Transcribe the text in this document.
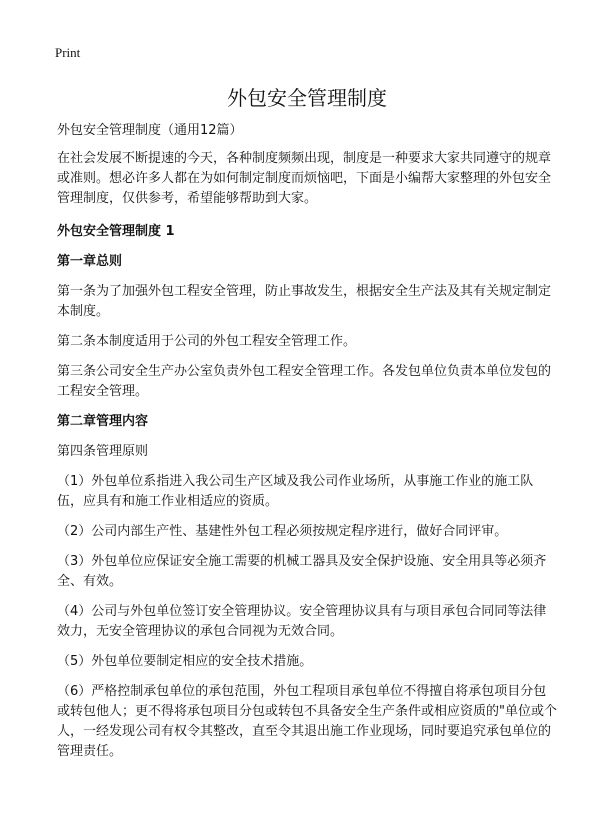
Print
外包安全管理制度

外包安全管理制度（通用12篇）

在社会发展不断提速的今天，各种制度频频出现，制度是一种要求大家共同遵守的规章或准则。想必许多人都在为如何制定制度而烦恼吧，下面是小编帮大家整理的外包安全管理制度，仅供参考，希望能够帮助到大家。

外包安全管理制度 1

第一章总则

第一条为了加强外包工程安全管理，防止事故发生，根据安全生产法及其有关规定制定本制度。

第二条本制度适用于公司的外包工程安全管理工作。

第三条公司安全生产办公室负责外包工程安全管理工作。各发包单位负责本单位发包的工程安全管理。

第二章管理内容

第四条管理原则

（1）外包单位系指进入我公司生产区域及我公司作业场所，从事施工作业的施工队伍，应具有和施工作业相适应的资质。

（2）公司内部生产性、基建性外包工程必须按规定程序进行，做好合同评审。

（3）外包单位应保证安全施工需要的机械工器具及安全保护设施、安全用具等必须齐全、有效。

（4）公司与外包单位签订安全管理协议。安全管理协议具有与项目承包合同同等法律效力，无安全管理协议的承包合同视为无效合同。

（5）外包单位要制定相应的安全技术措施。

（6）严格控制承包单位的承包范围，外包工程项目承包单位不得擅自将承包项目分包或转包他人；更不得将承包项目分包或转包不具备安全生产条件或相应资质的"单位或个人，一经发现公司有权令其整改，直至令其退出施工作业现场，同时要追究承包单位的管理责任。
